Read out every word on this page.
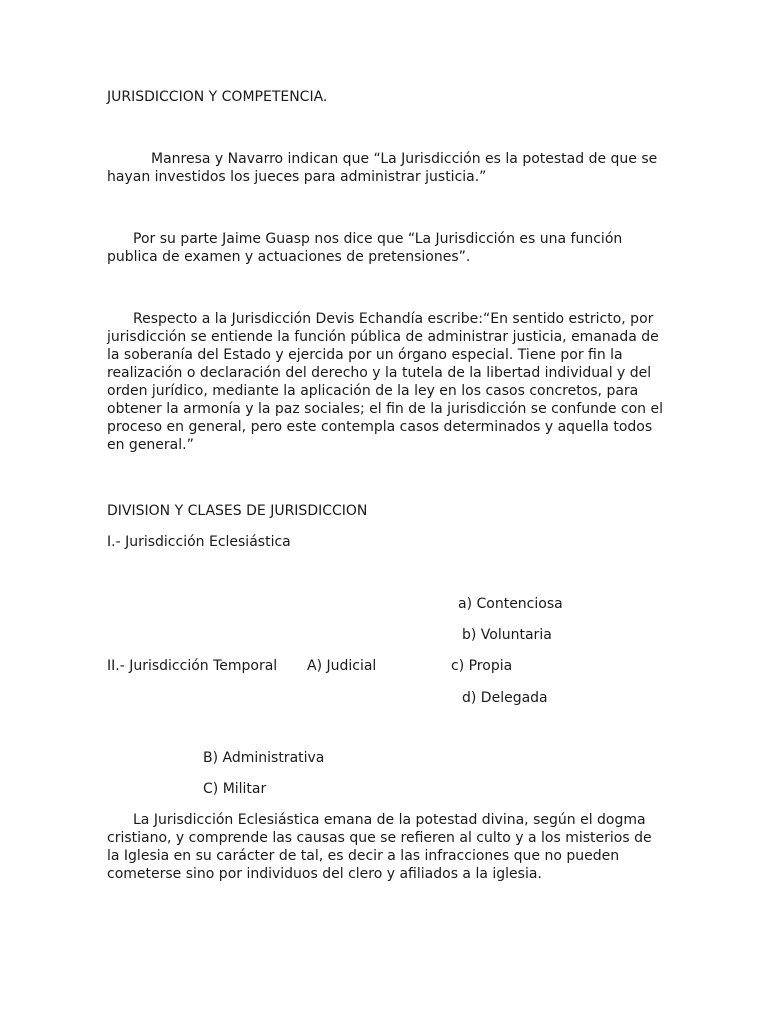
JURISDICCION Y COMPETENCIA.

Manresa y Navarro indican que “La Jurisdicción es la potestad de que se hayan investidos los jueces para administrar justicia.”

Por su parte Jaime Guasp nos dice que “La Jurisdicción es una función publica de examen y actuaciones de pretensiones”.

Respecto a la Jurisdicción Devis Echandía escribe:“En sentido estricto, por jurisdicción se entiende la función pública de administrar justicia, emanada de la soberanía del Estado y ejercida por un órgano especial. Tiene por fin la realización o declaración del derecho y la tutela de la libertad individual y del orden jurídico, mediante la aplicación de la ley en los casos concretos, para obtener la armonía y la paz sociales; el fin de la jurisdicción se confunde con el proceso en general, pero este contempla casos determinados y aquella todos en general.”

DIVISION Y CLASES DE JURISDICCION

I.- Jurisdicción Eclesiástica

a) Contenciosa

b) Voluntaria

II.- Jurisdicción Temporal A) Judicial	c) Propia

d) Delegada

B) Administrativa

C) Militar

La Jurisdicción Eclesiástica emana de la potestad divina, según el dogma cristiano, y comprende las causas que se refieren al culto y a los misterios de la Iglesia en su carácter de tal, es decir a las infracciones que no pueden cometerse sino por individuos del clero y afiliados a la iglesia.
